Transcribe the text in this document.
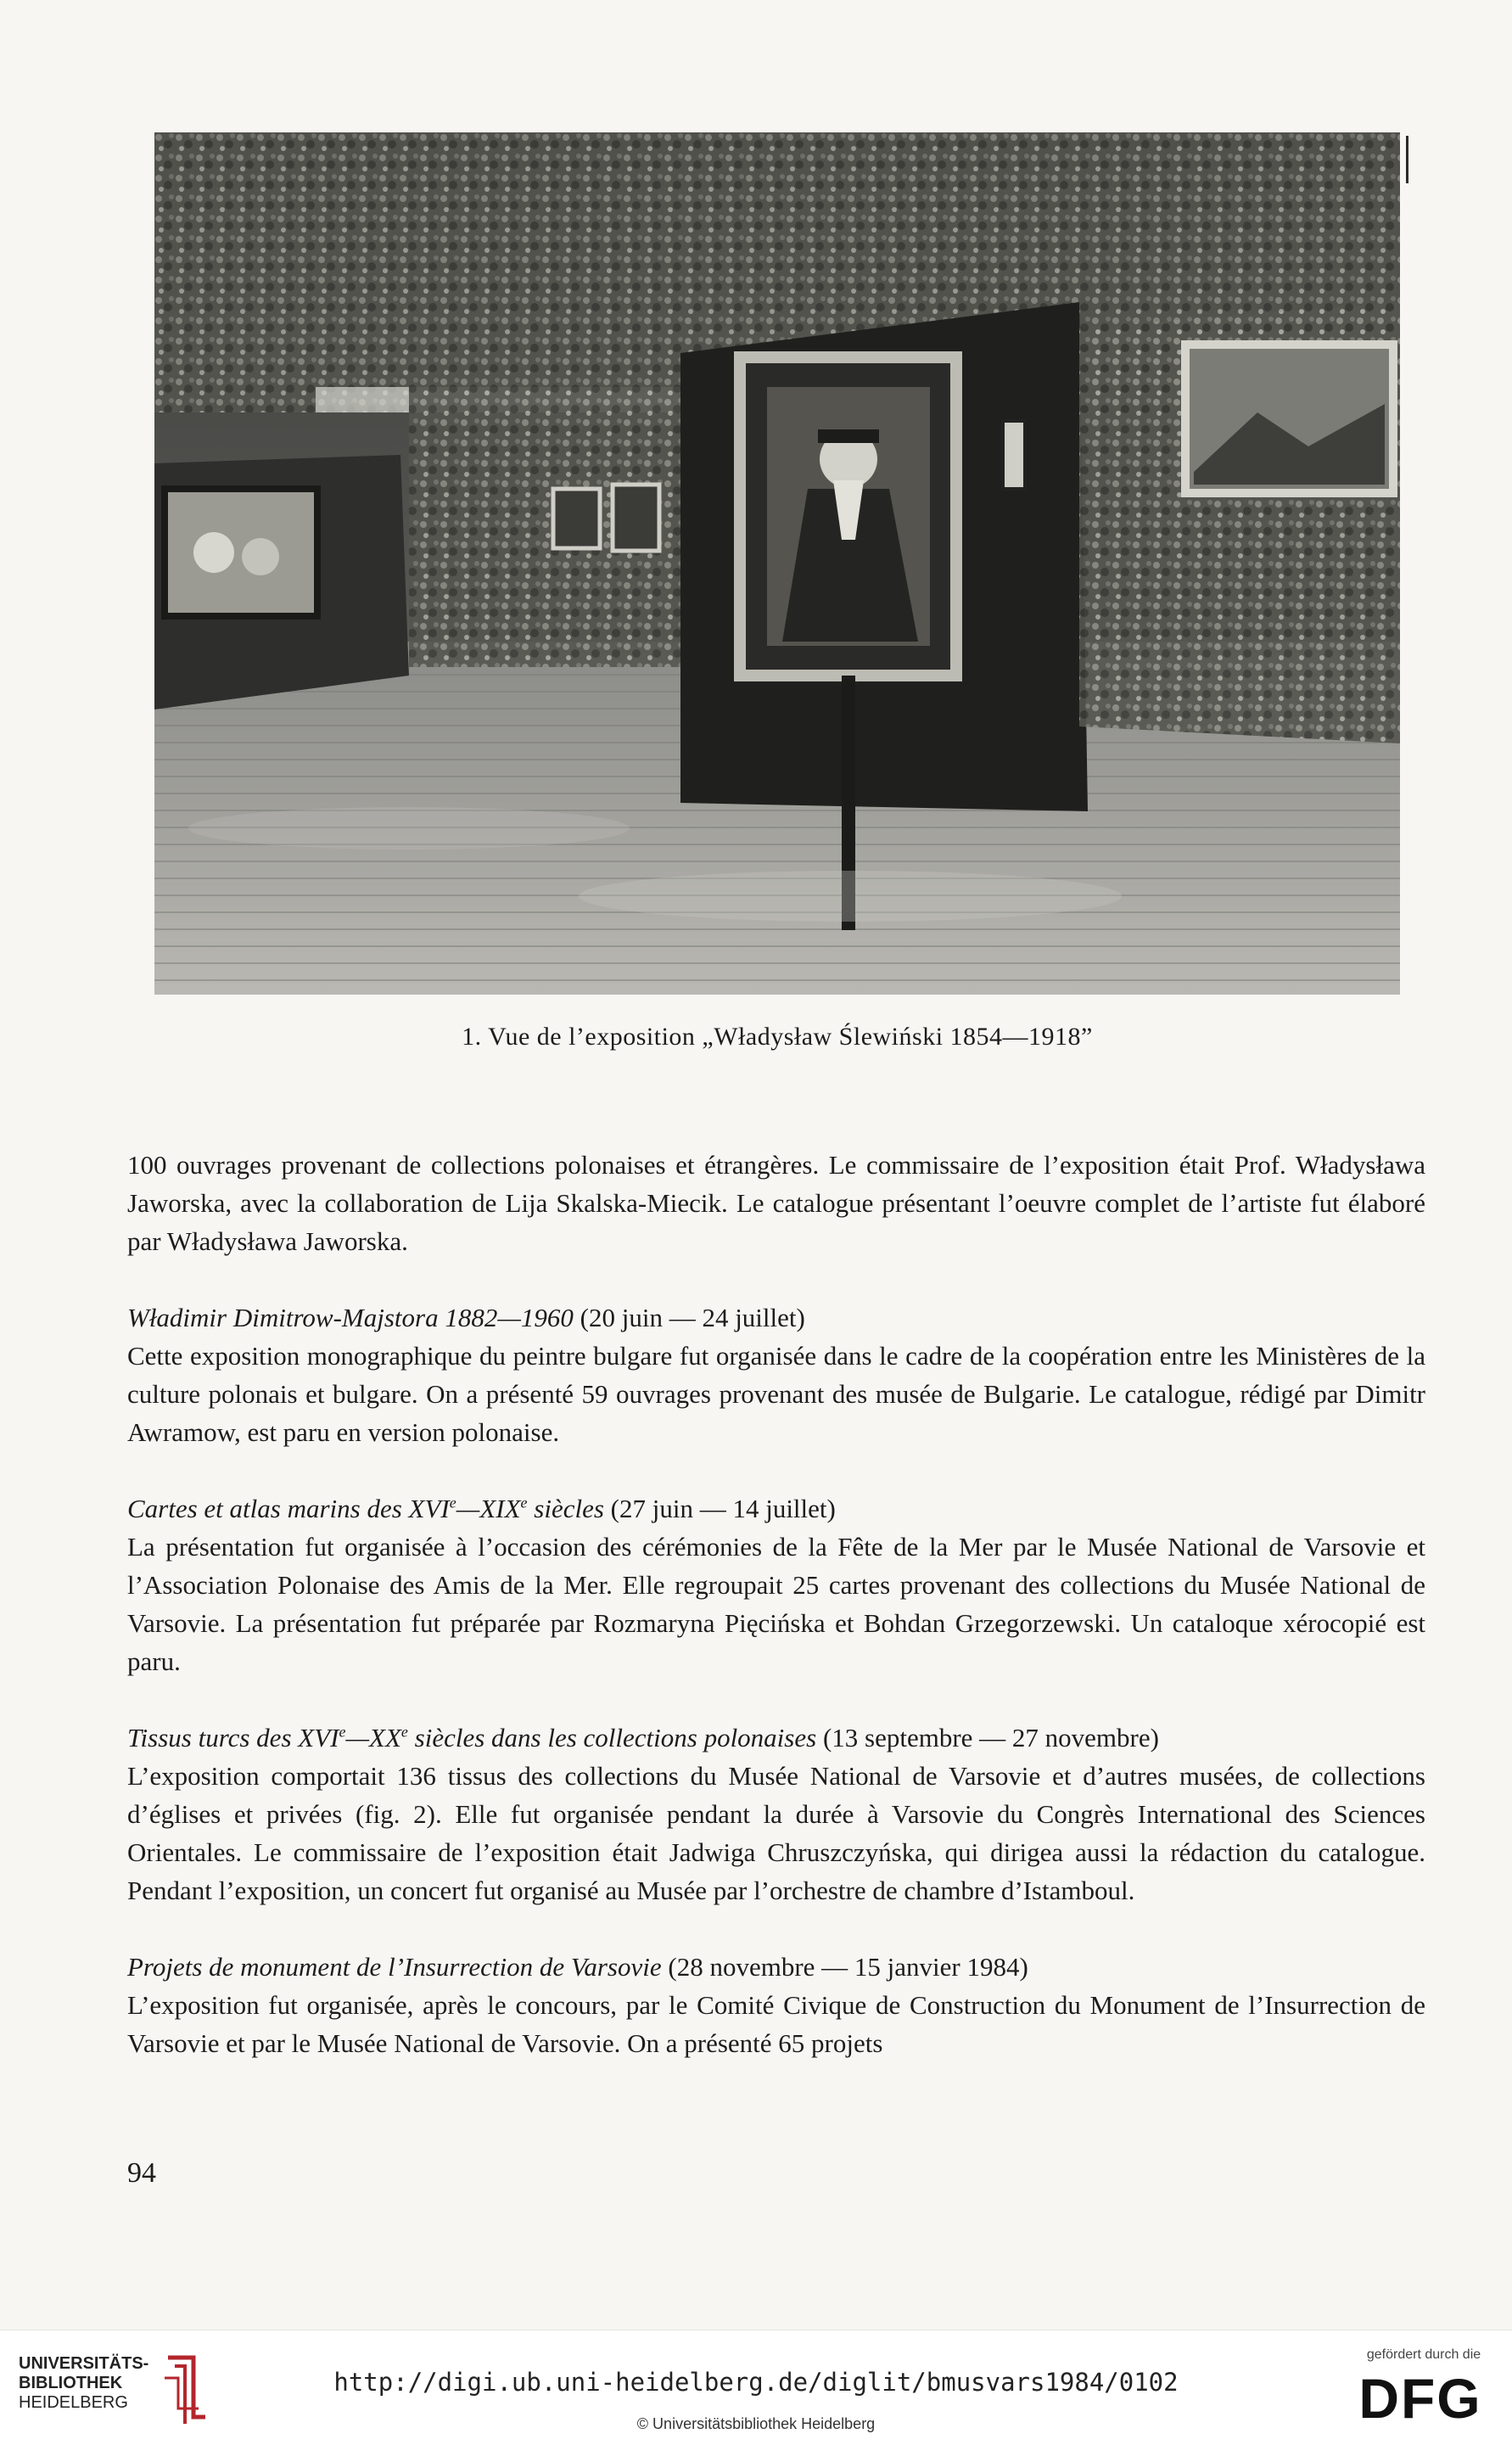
1. Vue de l’exposition „Władysław Ślewiński 1854—1918”

100 ouvrages provenant de collections polonaises et étrangères. Le commissaire de l’exposition était Prof. Władysława Jaworska, avec la collaboration de Lija Skalska-Miecik. Le catalogue présentant l’oeuvre complet de l’artiste fut élaboré par Władysława Jaworska.

Władimir Dimitrow-Majstora 1882—1960 (20 juin — 24 juillet)
Cette exposition monographique du peintre bulgare fut organisée dans le cadre de la coopération entre les Ministères de la culture polonais et bulgare. On a présenté 59 ouvrages provenant des musée de Bulgarie. Le catalogue, rédigé par Dimitr Awramow, est paru en version polonaise.

Cartes et atlas marins des XVIe—XIXe siècles (27 juin — 14 juillet)
La présentation fut organisée à l’occasion des cérémonies de la Fête de la Mer par le Musée National de Varsovie et l’Association Polonaise des Amis de la Mer. Elle regroupait 25 cartes provenant des collections du Musée National de Varsovie. La présentation fut préparée par Rozmaryna Pięcińska et Bohdan Grzegorzewski. Un cataloque xérocopié est paru.

Tissus turcs des XVIe—XXe siècles dans les collections polonaises (13 septembre — 27 novembre)
L’exposition comportait 136 tissus des collections du Musée National de Varsovie et d’autres musées, de collections d’églises et privées (fig. 2). Elle fut organisée pendant la durée à Varsovie du Congrès International des Sciences Orientales. Le commissaire de l’exposition était Jadwiga Chruszczyńska, qui dirigea aussi la rédaction du catalogue. Pendant l’exposition, un concert fut organisé au Musée par l’orchestre de chambre d’Istamboul.

Projets de monument de l’Insurrection de Varsovie (28 novembre — 15 janvier 1984)
L’exposition fut organisée, après le concours, par le Comité Civique de Construction du Monument de l’Insurrection de Varsovie et par le Musée National de Varsovie. On a présenté 65 projets

94
UNIVERSITÄTS-
BIBLIOTHEK
HEIDELBERG
http://digi.ub.uni-heidelberg.de/diglit/bmusvars1984/0102
© Universitätsbibliothek Heidelberg
gefördert durch die
DFG
